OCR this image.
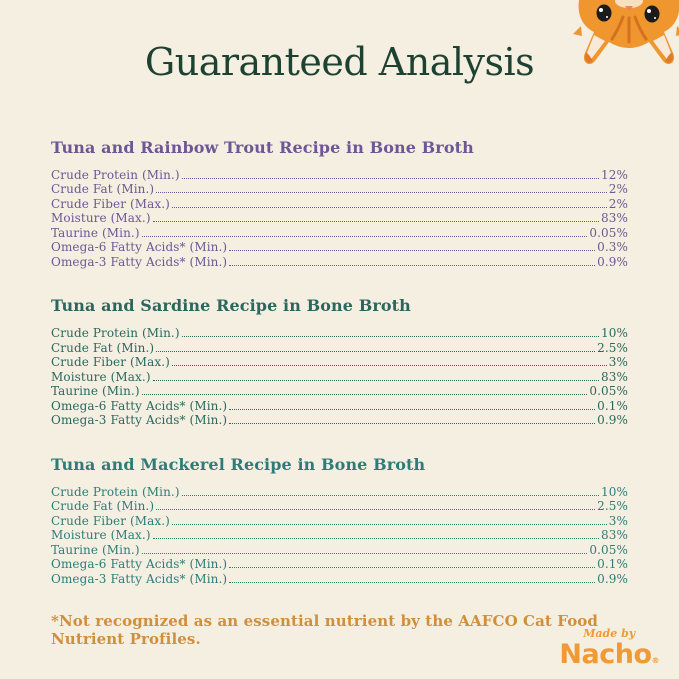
Guaranteed Analysis
Tuna and Rainbow Trout Recipe in Bone Broth
Crude Protein (Min.)	12%
Crude Fat (Min.)	2%
Crude Fiber (Max.)	2%
Moisture (Max.)	83%
Taurine (Min.)	0.05%
Omega-6 Fatty Acids* (Min.)	0.3%
Omega-3 Fatty Acids* (Min.)	0.9%
Tuna and Sardine Recipe in Bone Broth
Crude Protein (Min.)	10%
Crude Fat (Min.)	2.5%
Crude Fiber (Max.)	3%
Moisture (Max.)	83%
Taurine (Min.)	0.05%
Omega-6 Fatty Acids* (Min.)	0.1%
Omega-3 Fatty Acids* (Min.)	0.9%
Tuna and Mackerel Recipe in Bone Broth
Crude Protein (Min.)	10%
Crude Fat (Min.)	2.5%
Crude Fiber (Max.)	3%
Moisture (Max.)	83%
Taurine (Min.)	0.05%
Omega-6 Fatty Acids* (Min.)	0.1%
Omega-3 Fatty Acids* (Min.)	0.9%

*Not recognized as an essential nutrient by the AAFCO Cat Food Nutrient Profiles.	Made by
Nacho®
